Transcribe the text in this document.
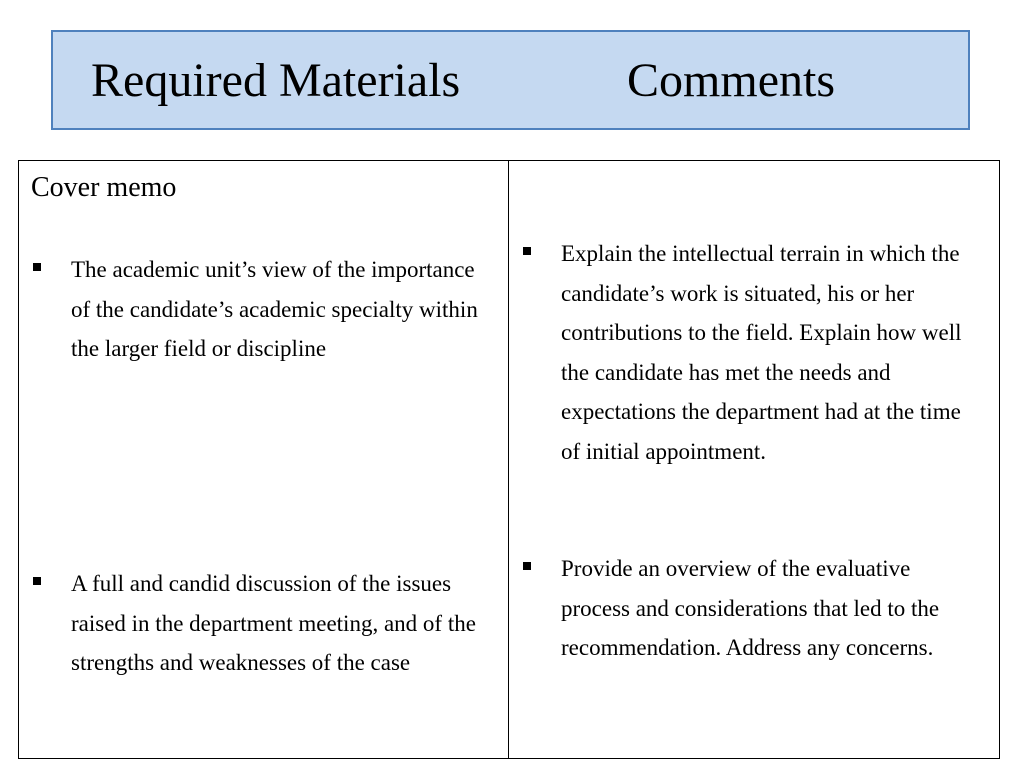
Required Materials	Comments
Cover memo
The academic unit’s view of the importance of the candidate’s academic specialty within the larger field or discipline
A full and candid discussion of the issues raised in the department meeting, and of the strengths and weaknesses of the case
Explain the intellectual terrain in which the candidate’s work is situated, his or her contributions to the field. Explain how well the candidate has met the needs and expectations the department had at the time of initial appointment.
Provide an overview of the evaluative process and considerations that led to the recommendation. Address any concerns.
